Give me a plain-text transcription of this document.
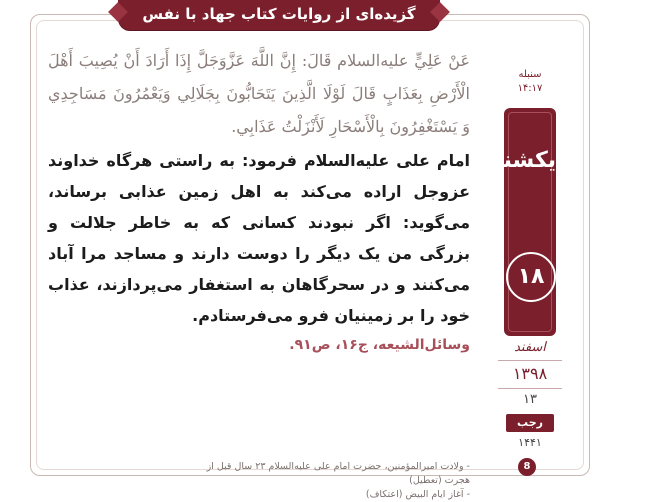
گزیده‌ای از روایات کتاب جهاد با نفس
عَنْ عَلِيٍّ عليه‌السلام قَالَ: إِنَّ اللَّهَ عَزَّوَجَلَّ إِذَا أَرَادَ أَنْ يُصِيبَ أَهْلَ الْأَرْضِ بِعَذَابٍ قَالَ لَوْلَا الَّذِينَ يَتَحَابُّونَ بِجَلَالِي وَيَعْمُرُونَ مَسَاجِدِي وَ يَسْتَغْفِرُونَ بِالْأَسْحَارِ لَأَنْزَلْتُ عَذَابِي.
امام علی علیه‌السلام فرمود: به راستی هرگاه خداوند عزوجل اراده می‌کند به اهل زمین عذابی برساند، می‌گوید: اگر نبودند کسانی که به خاطر جلالت و بزرگی من یک دیگر را دوست دارند و مساجد مرا آباد می‌کنند و در سحرگاهان به استغفار می‌پردازند، عذاب خود را بر زمینیان فرو می‌فرستادم.
وسائل‌الشیعه، ج۱۶، ص۹۱.
سنبله
۱۴:۱۷
یکشنبه
۱۸
اسفند
۱۳۹۸
۱۳
رجب
۱۴۴۱
8
- ولادت امیرالمؤمنین، حضرت امام علی علیه‌السلام ۲۳ سال قبل از هجرت (تعطیل)
- آغاز ایام البیض (اعتکاف)
